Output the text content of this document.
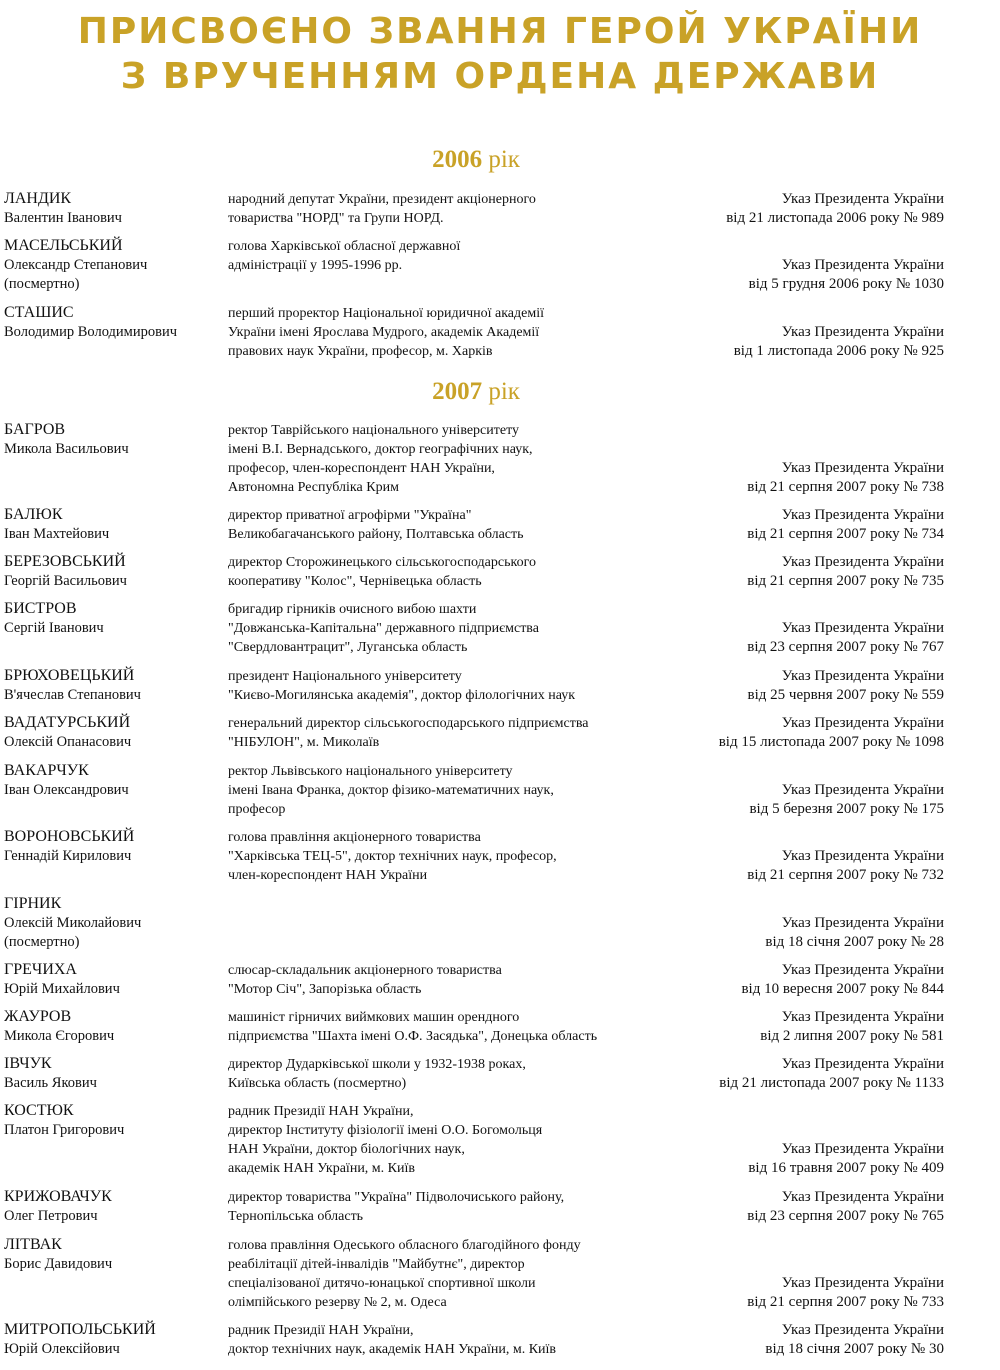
ПРИСВОЄНО ЗВАННЯ ГЕРОЙ УКРАЇНИ
З ВРУЧЕННЯМ ОРДЕНА ДЕРЖАВИ
2006 рік
ЛАНДИК
Валентин Іванович
народний депутат України, президент акціонерного
товариства "НОРД" та Групи НОРД.
Указ Президента України
від 21 листопада 2006 року № 989
МАСЕЛЬСЬКИЙ
Олександр Степанович
(посмертно)
голова Харківської обласної державної
адміністрації у 1995-1996 рр.	Указ Президента України
від 5 грудня 2006 року № 1030
СТАШИС
Володимир Володимирович
перший проректор Національної юридичної академії
України імені Ярослава Мудрого, академік Академії
правових наук України, професор, м. Харків
Указ Президента України
від 1 листопада 2006 року № 925
2007 рік
БАГРОВ
Микола Васильович
ректор Таврійського національного університету
імені В.І. Вернадського, доктор географічних наук,
професор, член-кореспондент НАН України,
Автономна Республіка Крим
Указ Президента України
від 21 серпня 2007 року № 738
БАЛЮК
Іван Махтейович
директор приватної агрофірми "Україна"
Великобагачанського району, Полтавська область
Указ Президента України
від 21 серпня 2007 року № 734
БЕРЕЗОВСЬКИЙ
Георгій Васильович
директор Сторожинецького сільськогосподарського
кооперативу "Колос", Чернівецька область
Указ Президента України
від 21 серпня 2007 року № 735
БИСТРОВ
Сергій Іванович
бригадир гірників очисного вибою шахти
"Довжанська-Капітальна" державного підприємства
"Свердловантрацит", Луганська область
Указ Президента України
від 23 серпня 2007 року № 767
БРЮХОВЕЦЬКИЙ
В'ячеслав Степанович
президент Національного університету
"Києво-Могилянська академія", доктор філологічних наук
Указ Президента України
від 25 червня 2007 року № 559
ВАДАТУРСЬКИЙ
Олексій Опанасович
генеральний директор сільськогосподарського підприємства
"НІБУЛОН", м. Миколаїв
Указ Президента України
від 15 листопада 2007 року № 1098
ВАКАРЧУК
Іван Олександрович
ректор Львівського національного університету
імені Івана Франка, доктор фізико-математичних наук,
професор
Указ Президента України
від 5 березня 2007 року № 175
ВОРОНОВСЬКИЙ
Геннадій Кирилович
голова правління акціонерного товариства
"Харківська ТЕЦ-5", доктор технічних наук, професор,
член-кореспондент НАН України
Указ Президента України
від 21 серпня 2007 року № 732
ГІРНИК
Олексій Миколайович
(посмертно)
Указ Президента України
від 18 січня 2007 року № 28
ГРЕЧИХА
Юрій Михайлович
слюсар-складальник акціонерного товариства
"Мотор Січ", Запорізька область
Указ Президента України
від 10 вересня 2007 року № 844
ЖАУРОВ
Микола Єгорович
машиніст гірничих виймкових машин орендного
підприємства "Шахта імені О.Ф. Засядька", Донецька область
Указ Президента України
від 2 липня 2007 року № 581
ІВЧУК
Василь Якович
директор Дударківської школи у 1932-1938 роках,
Київська область (посмертно)
Указ Президента України
від 21 листопада 2007 року № 1133
КОСТЮК
Платон Григорович
радник Президії НАН України,
директор Інституту фізіології імені О.О. Богомольця
НАН України, доктор біологічних наук,
академік НАН України, м. Київ
Указ Президента України
від 16 травня 2007 року № 409
КРИЖОВАЧУК
Олег Петрович
директор товариства "Україна" Підволочиського району,
Тернопільська область
Указ Президента України
від 23 серпня 2007 року № 765
ЛІТВАК
Борис Давидович
голова правління Одеського обласного благодійного фонду
реабілітації дітей-інвалідів "Майбутнє", директор
спеціалізованої дитячо-юнацької спортивної школи
олімпійського резерву № 2, м. Одеса
Указ Президента України
від 21 серпня 2007 року № 733
МИТРОПОЛЬСЬКИЙ
Юрій Олексійович
радник Президії НАН України,
доктор технічних наук, академік НАН України, м. Київ
Указ Президента України
від 18 січня 2007 року № 30
